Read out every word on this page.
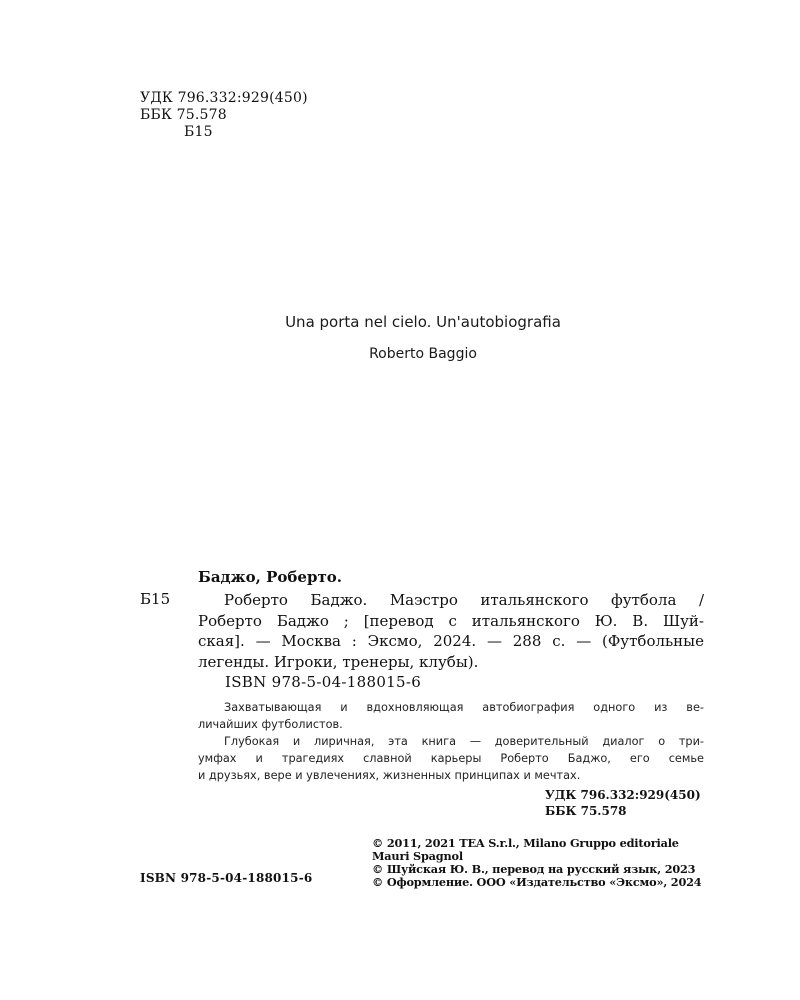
УДК 796.332:929(450)
ББК 75.578
Б15
Una porta nel cielo. Un'autobiografia
Roberto Baggio
Баджо, Роберто.
Б15	Роберто Баджо. Маэстро итальянского футбола /
Роберто Баджо ; [перевод с итальянского Ю. В. Шуй-
ская]. — Москва : Эксмо, 2024. — 288 с. — (Футбольные
легенды. Игроки, тренеры, клубы).
ISBN 978-5-04-188015-6
Захватывающая и вдохновляющая автобиография одного из ве-
личайших футболистов.
Глубокая и лиричная, эта книга — доверительный диалог о три-
умфах и трагедиях славной карьеры Роберто Баджо, его семье
и друзьях, вере и увлечениях, жизненных принципах и мечтах.
УДК 796.332:929(450)
ББК 75.578
ISBN 978-5-04-188015-6
© 2011, 2021 TEA S.r.l., Milano Gruppo editoriale
Mauri Spagnol
© Шуйская Ю. В., перевод на русский язык, 2023
© Оформление. ООО «Издательство «Эксмо», 2024
